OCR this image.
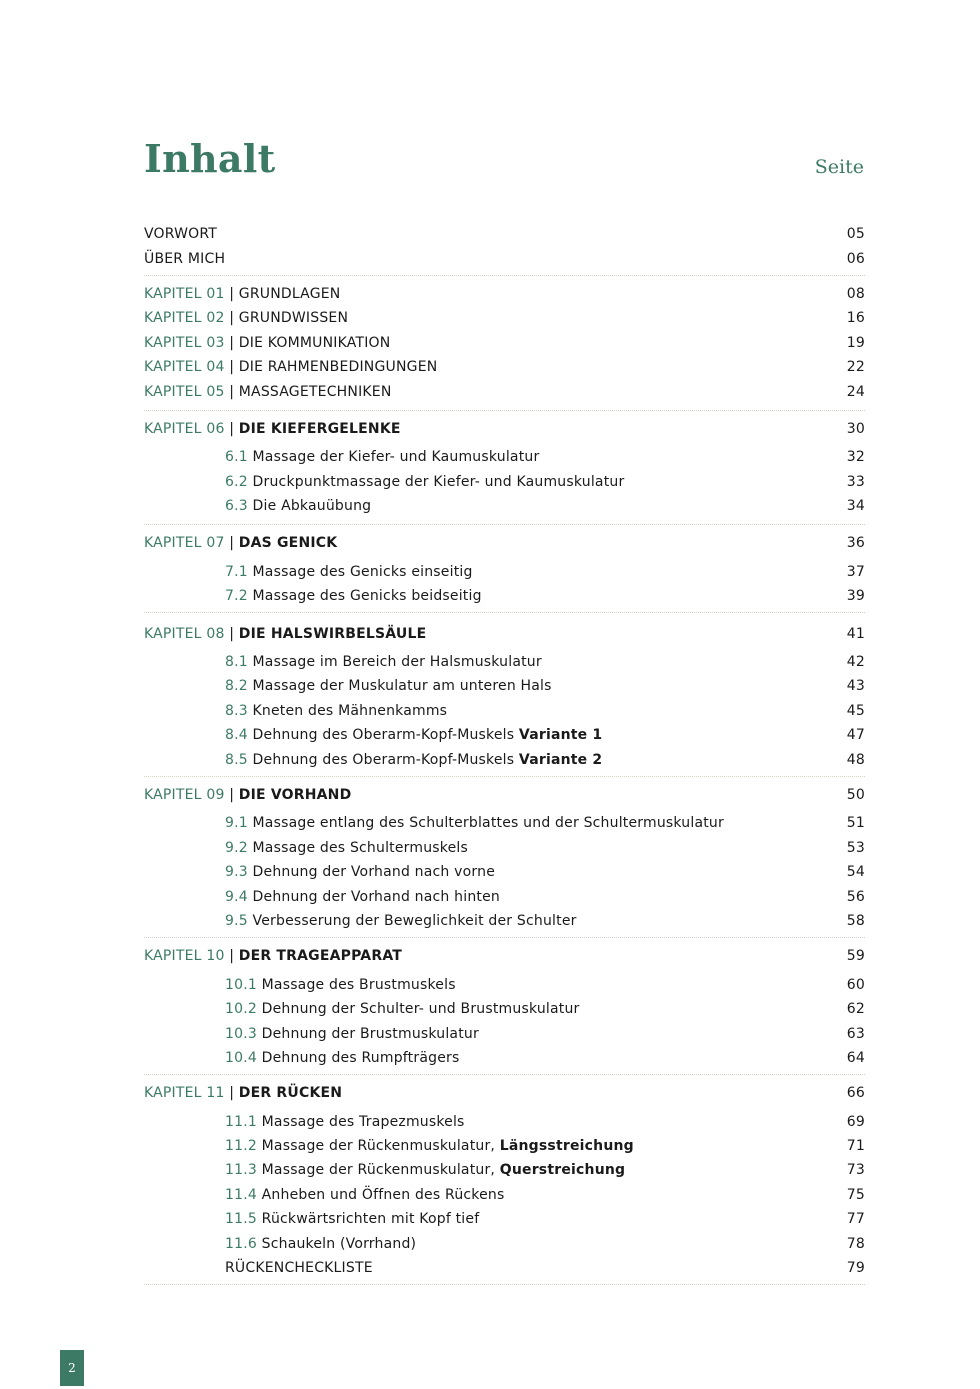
Inhalt	Seite
VORWORT	05
ÜBER MICH	06
KAPITEL 01 | GRUNDLAGEN	08
KAPITEL 02 | GRUNDWISSEN	16
KAPITEL 03 | DIE KOMMUNIKATION	19
KAPITEL 04 | DIE RAHMENBEDINGUNGEN	22
KAPITEL 05 | MASSAGETECHNIKEN	24
KAPITEL 06 | DIE KIEFERGELENKE	30
6.1 Massage der Kiefer- und Kaumuskulatur	32
6.2 Druckpunktmassage der Kiefer- und Kaumuskulatur	33
6.3 Die Abkauübung	34
KAPITEL 07 | DAS GENICK	36
7.1 Massage des Genicks einseitig	37
7.2 Massage des Genicks beidseitig	39
KAPITEL 08 | DIE HALSWIRBELSÄULE	41
8.1 Massage im Bereich der Halsmuskulatur	42
8.2 Massage der Muskulatur am unteren Hals	43
8.3 Kneten des Mähnenkamms	45
8.4 Dehnung des Oberarm-Kopf-Muskels Variante 1	47
8.5 Dehnung des Oberarm-Kopf-Muskels Variante 2	48
KAPITEL 09 | DIE VORHAND	50
9.1 Massage entlang des Schulterblattes und der Schultermuskulatur	51
9.2 Massage des Schultermuskels	53
9.3 Dehnung der Vorhand nach vorne	54
9.4 Dehnung der Vorhand nach hinten	56
9.5 Verbesserung der Beweglichkeit der Schulter	58
KAPITEL 10 | DER TRAGEAPPARAT	59
10.1 Massage des Brustmuskels	60
10.2 Dehnung der Schulter- und Brustmuskulatur	62
10.3 Dehnung der Brustmuskulatur	63
10.4 Dehnung des Rumpfträgers	64
KAPITEL 11 | DER RÜCKEN	66
11.1 Massage des Trapezmuskels	69
11.2 Massage der Rückenmuskulatur, Längsstreichung	71
11.3 Massage der Rückenmuskulatur, Querstreichung	73
11.4 Anheben und Öffnen des Rückens	75
11.5 Rückwärtsrichten mit Kopf tief	77
11.6 Schaukeln (Vorrhand)	78
RÜCKENCHECKLISTE	79
2
